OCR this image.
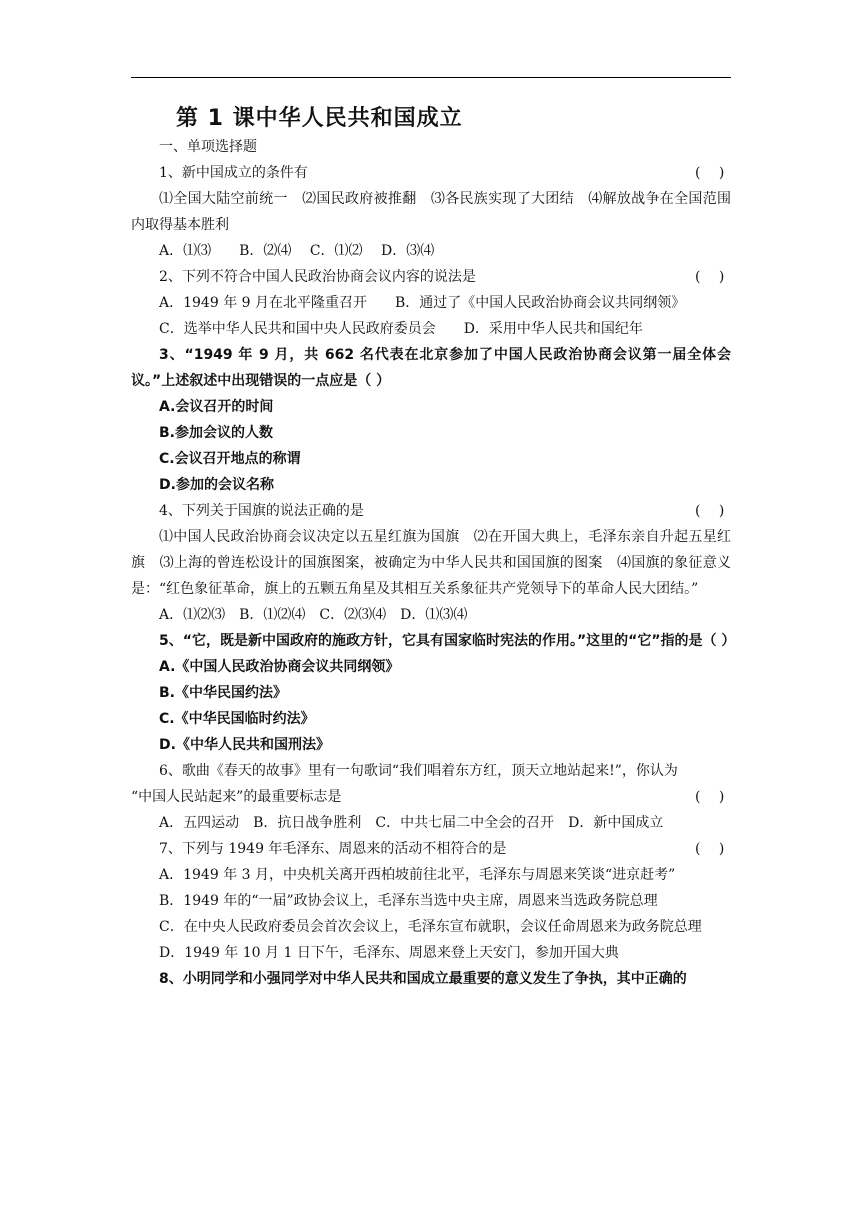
第 1 课中华人民共和国成立

一、单项选择题

1、新中国成立的条件有	(　 )

⑴全国大陆空前统一　⑵国民政府被推翻　⑶各民族实现了大团结　⑷解放战争在全国范围内取得基本胜利

A．⑴⑶　　B．⑵⑷　 C．⑴⑵　 D．⑶⑷

2、下列不符合中国人民政治协商会议内容的说法是	(　 )

A．1949 年 9 月在北平隆重召开　　B．通过了《中国人民政治协商会议共同纲领》

C．选举中华人民共和国中央人民政府委员会　　D．采用中华人民共和国纪年

3、“1949 年 9 月，共 662 名代表在北京参加了中国人民政治协商会议第一届全体会议。”上述叙述中出现错误的一点应是（ ）

A.会议召开的时间

B.参加会议的人数

C.会议召开地点的称谓

D.参加的会议名称

4、下列关于国旗的说法正确的是	(　 )

⑴中国人民政治协商会议决定以五星红旗为国旗　⑵在开国大典上，毛泽东亲自升起五星红旗　⑶上海的曾连松设计的国旗图案，被确定为中华人民共和国国旗的图案　⑷国旗的象征意义是：“红色象征革命，旗上的五颗五角星及其相互关系象征共产党领导下的革命人民大团结。”

A．⑴⑵⑶　B．⑴⑵⑷　C．⑵⑶⑷　D．⑴⑶⑷

5、“它，既是新中国政府的施政方针，它具有国家临时宪法的作用。”这里的“它”指的是（ ）

A.《中国人民政治协商会议共同纲领》

B.《中华民国约法》

C.《中华民国临时约法》

D.《中华人民共和国刑法》

6、歌曲《春天的故事》里有一句歌词“我们唱着东方红，顶天立地站起来!”，你认为

“中国人民站起来”的最重要标志是	(　 )

A．五四运动　B．抗日战争胜利　C．中共七届二中全会的召开　D．新中国成立

7、下列与 1949 年毛泽东、周恩来的活动不相符合的是	(　 )

A．1949 年 3 月，中央机关离开西柏坡前往北平，毛泽东与周恩来笑谈“进京赶考”

B．1949 年的“一届”政协会议上，毛泽东当选中央主席，周恩来当选政务院总理

C．在中央人民政府委员会首次会议上，毛泽东宣布就职，会议任命周恩来为政务院总理

D．1949 年 10 月 1 日下午，毛泽东、周恩来登上天安门，参加开国大典

8、小明同学和小强同学对中华人民共和国成立最重要的意义发生了争执，其中正确的
